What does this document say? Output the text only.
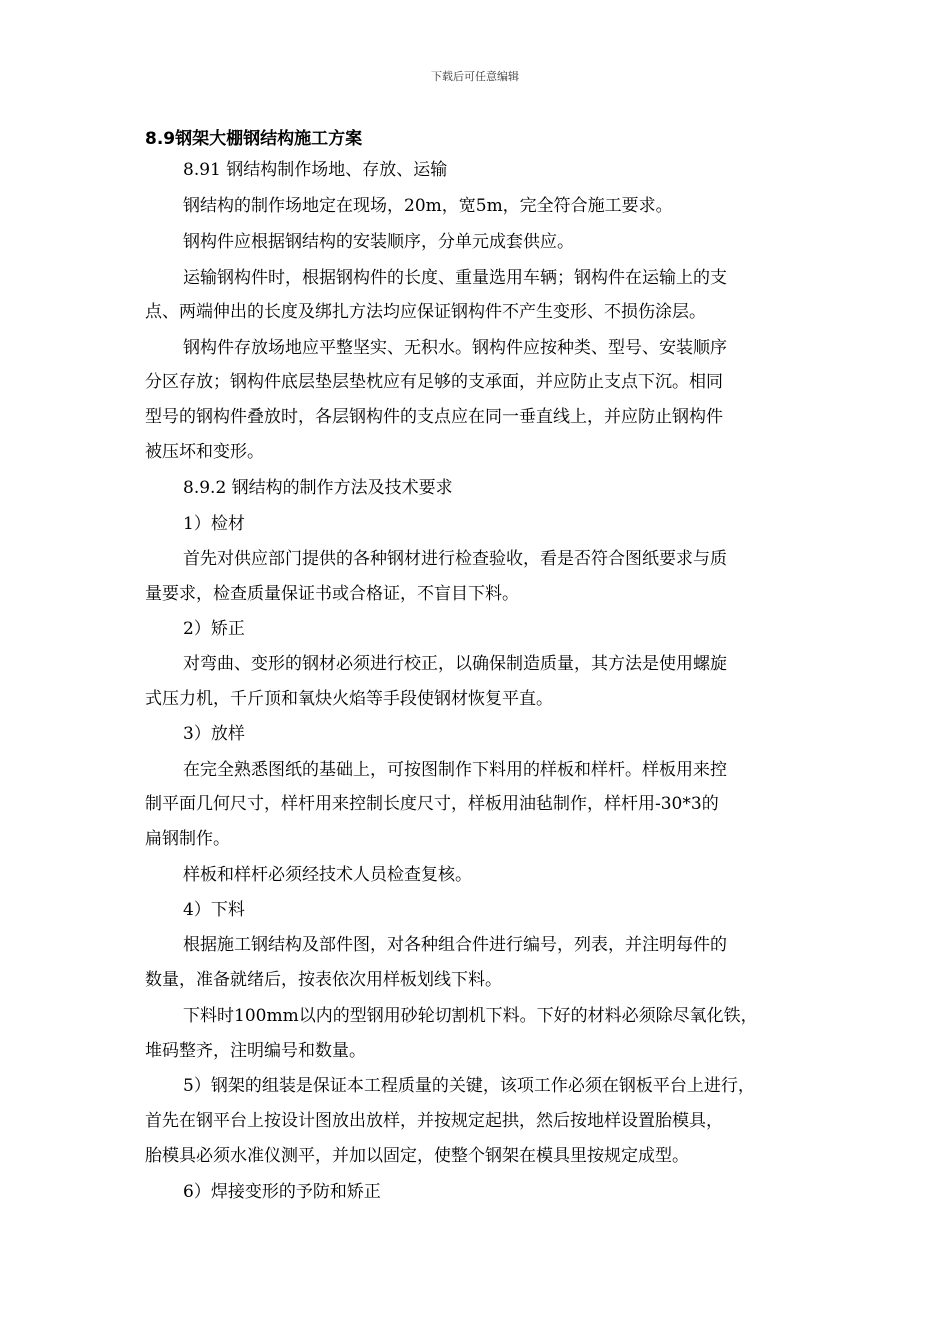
下载后可任意编辑
8.9钢架大棚钢结构施工方案
8.91 钢结构制作场地、存放、运输
钢结构的制作场地定在现场，20m，宽5m，完全符合施工要求。
钢构件应根据钢结构的安装顺序，分单元成套供应。
运输钢构件时，根据钢构件的长度、重量选用车辆；钢构件在运输上的支
点、两端伸出的长度及绑扎方法均应保证钢构件不产生变形、不损伤涂层。
钢构件存放场地应平整坚实、无积水。钢构件应按种类、型号、安装顺序
分区存放；钢构件底层垫层垫枕应有足够的支承面，并应防止支点下沉。相同
型号的钢构件叠放时，各层钢构件的支点应在同一垂直线上，并应防止钢构件
被压坏和变形。
8.9.2 钢结构的制作方法及技术要求
1）检材
首先对供应部门提供的各种钢材进行检查验收，看是否符合图纸要求与质
量要求，检查质量保证书或合格证，不盲目下料。
2）矫正
对弯曲、变形的钢材必须进行校正，以确保制造质量，其方法是使用螺旋
式压力机，千斤顶和氧炔火焰等手段使钢材恢复平直。
3）放样
在完全熟悉图纸的基础上，可按图制作下料用的样板和样杆。样板用来控
制平面几何尺寸，样杆用来控制长度尺寸，样板用油毡制作，样杆用-30*3的
扁钢制作。
样板和样杆必须经技术人员检查复核。
4）下料
根据施工钢结构及部件图，对各种组合件进行编号，列表，并注明每件的
数量，准备就绪后，按表依次用样板划线下料。
下料时100mm以内的型钢用砂轮切割机下料。下好的材料必须除尽氧化铁，
堆码整齐，注明编号和数量。
5）钢架的组装是保证本工程质量的关键，该项工作必须在钢板平台上进行，
首先在钢平台上按设计图放出放样，并按规定起拱，然后按地样设置胎模具，
胎模具必须水准仪测平，并加以固定，使整个钢架在模具里按规定成型。
6）焊接变形的予防和矫正
